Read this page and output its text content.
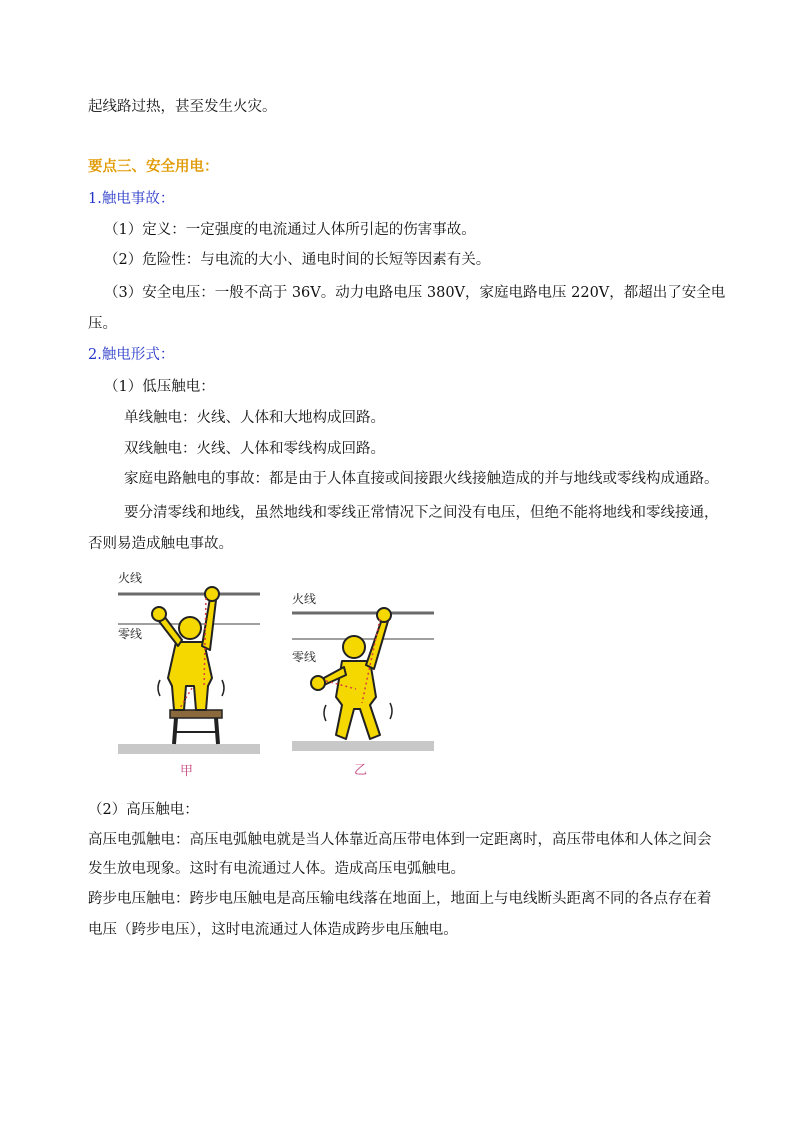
起线路过热，甚至发生火灾。
要点三、安全用电：
1.触电事故：
（1）定义：一定强度的电流通过人体所引起的伤害事故。
（2）危险性：与电流的大小、通电时间的长短等因素有关。
（3）安全电压：一般不高于 36V。动力电路电压 380V，家庭电路电压 220V，都超出了安全电
压。
2.触电形式：
（1）低压触电：
单线触电：火线、人体和大地构成回路。
双线触电：火线、人体和零线构成回路。
家庭电路触电的事故：都是由于人体直接或间接跟火线接触造成的并与地线或零线构成通路。
要分清零线和地线，虽然地线和零线正常情况下之间没有电压，但绝不能将地线和零线接通，
否则易造成触电事故。
火线
零线
甲
火线
零线
乙
（2）高压触电：
高压电弧触电：高压电弧触电就是当人体靠近高压带电体到一定距离时，高压带电体和人体之间会
发生放电现象。这时有电流通过人体。造成高压电弧触电。
跨步电压触电：跨步电压触电是高压输电线落在地面上，地面上与电线断头距离不同的各点存在着
电压（跨步电压），这时电流通过人体造成跨步电压触电。
